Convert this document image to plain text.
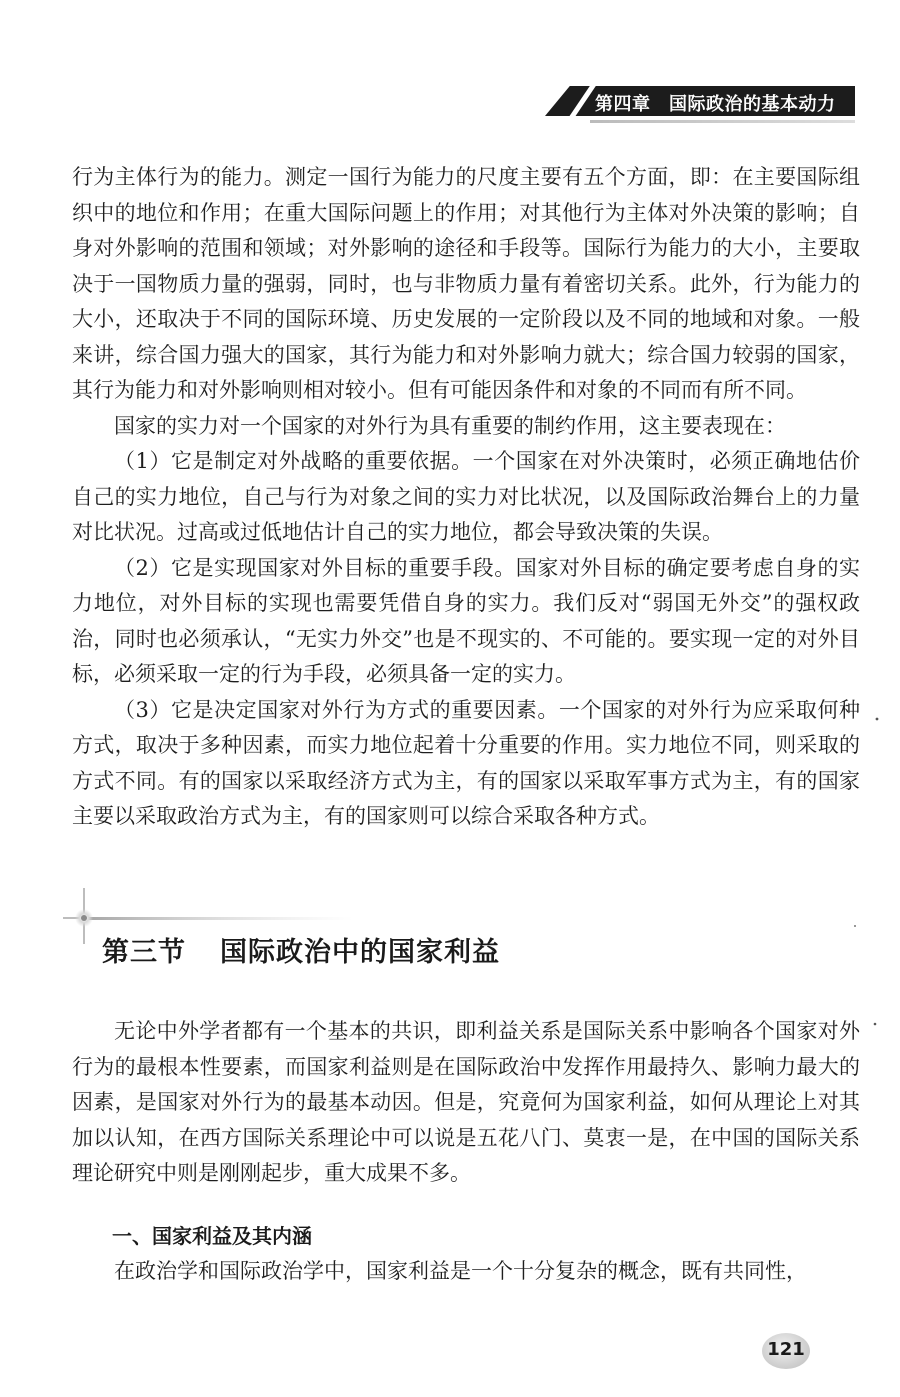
第四章　国际政治的基本动力

行为主体行为的能力。测定一国行为能力的尺度主要有五个方面，即：在主要国际组织中的地位和作用；在重大国际问题上的作用；对其他行为主体对外决策的影响；自身对外影响的范围和领域；对外影响的途径和手段等。国际行为能力的大小，主要取决于一国物质力量的强弱，同时，也与非物质力量有着密切关系。此外，行为能力的大小，还取决于不同的国际环境、历史发展的一定阶段以及不同的地域和对象。一般来讲，综合国力强大的国家，其行为能力和对外影响力就大；综合国力较弱的国家，其行为能力和对外影响则相对较小。但有可能因条件和对象的不同而有所不同。

国家的实力对一个国家的对外行为具有重要的制约作用，这主要表现在：

（1）它是制定对外战略的重要依据。一个国家在对外决策时，必须正确地估价自己的实力地位，自己与行为对象之间的实力对比状况，以及国际政治舞台上的力量对比状况。过高或过低地估计自己的实力地位，都会导致决策的失误。

（2）它是实现国家对外目标的重要手段。国家对外目标的确定要考虑自身的实力地位，对外目标的实现也需要凭借自身的实力。我们反对“弱国无外交”的强权政治，同时也必须承认，“无实力外交”也是不现实的、不可能的。要实现一定的对外目标，必须采取一定的行为手段，必须具备一定的实力。

（3）它是决定国家对外行为方式的重要因素。一个国家的对外行为应采取何种方式，取决于多种因素，而实力地位起着十分重要的作用。实力地位不同，则采取的方式不同。有的国家以采取经济方式为主，有的国家以采取军事方式为主，有的国家主要以采取政治方式为主，有的国家则可以综合采取各种方式。

第三节 国际政治中的国家利益

无论中外学者都有一个基本的共识，即利益关系是国际关系中影响各个国家对外行为的最根本性要素，而国家利益则是在国际政治中发挥作用最持久、影响力最大的因素，是国家对外行为的最基本动因。但是，究竟何为国家利益，如何从理论上对其加以认知，在西方国际关系理论中可以说是五花八门、莫衷一是，在中国的国际关系理论研究中则是刚刚起步，重大成果不多。

一、国家利益及其内涵

在政治学和国际政治学中，国家利益是一个十分复杂的概念，既有共同性，

121
